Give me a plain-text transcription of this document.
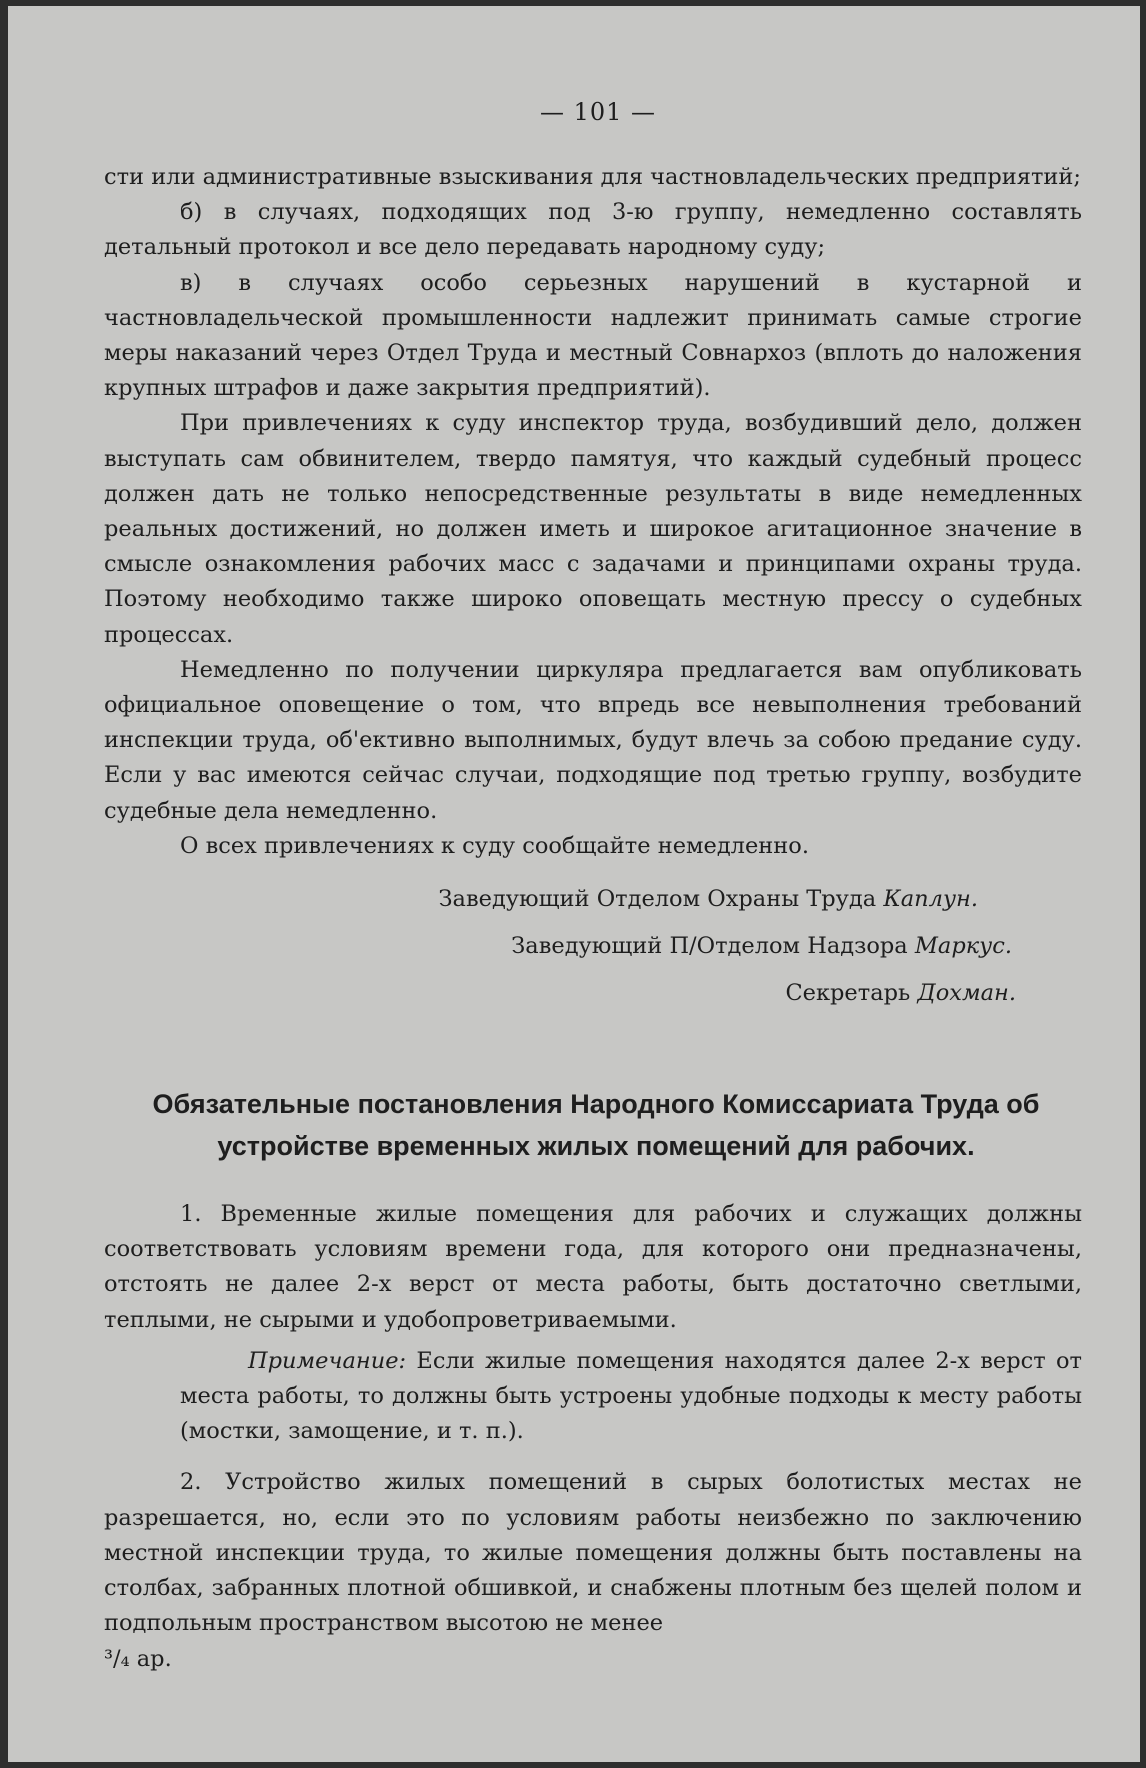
— 101 —

сти или административные взыскивания для частновладельческих предприятий;

б) в случаях, подходящих под 3-ю группу, немедленно составлять детальный протокол и все дело передавать народному суду;

в) в случаях особо серьезных нарушений в кустарной и частновладельческой промышленности надлежит принимать самые строгие меры наказаний через Отдел Труда и местный Совнархоз (вплоть до наложения крупных штрафов и даже закрытия предприятий).

При привлечениях к суду инспектор труда, возбудивший дело, должен выступать сам обвинителем, твердо памятуя, что каждый судебный процесс должен дать не только непосредственные результаты в виде немедленных реальных достижений, но должен иметь и широкое агитационное значение в смысле ознакомления рабочих масс с задачами и принципами охраны труда. Поэтому необходимо также широко оповещать местную прессу о судебных процессах.

Немедленно по получении циркуляра предлагается вам опубликовать официальное оповещение о том, что впредь все невыполнения требований инспекции труда, об'ективно выполнимых, будут влечь за собою предание суду. Если у вас имеются сейчас случаи, подходящие под третью группу, возбудите судебные дела немедленно.

О всех привлечениях к суду сообщайте немедленно.

Заведующий Отделом Охраны Труда Каплун.
Заведующий П/Отделом Надзора Маркус.
Секретарь Дохман.
Обязательные постановления Народного Комиссариата Труда об
устройстве временных жилых помещений для рабочих.

1. Временные жилые помещения для рабочих и служащих должны соответствовать условиям времени года, для которого они предназначены, отстоять не далее 2-х верст от места работы, быть достаточно светлыми, теплыми, не сырыми и удобопроветриваемыми.

Примечание: Если жилые помещения находятся далее 2-х верст от места работы, то должны быть устроены удобные подходы к месту работы (мостки, замощение, и т. п.).

2. Устройство жилых помещений в сырых болотистых местах не разрешается, но, если это по условиям работы неизбежно по заключению местной инспекции труда, то жилые помещения должны быть поставлены на столбах, забранных плотной обшивкой, и снабжены плотным без щелей полом и подпольным пространством высотою не менее

³/₄ ар.
